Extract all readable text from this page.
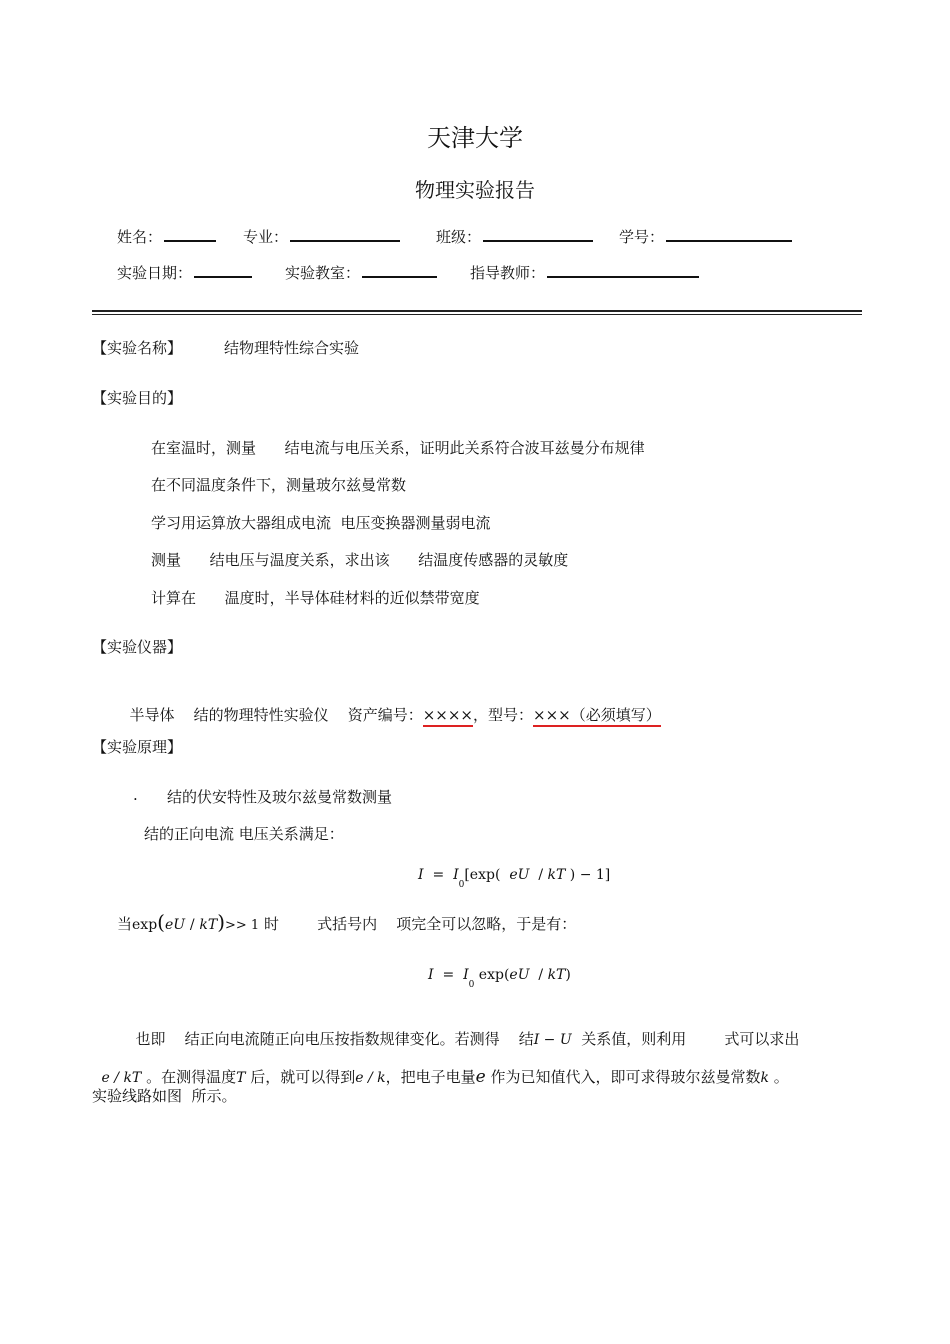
天津大学
物理实验报告
姓名：	专业：	班级：	学号：
实验日期：	实验教室：	指导教师：
【实验名称】	结物理特性综合实验
【实验目的】
在室温时，测量      结电流与电压关系，证明此关系符合波耳兹曼分布规律
在不同温度条件下，测量玻尔兹曼常数
学习用运算放大器组成电流  电压变换器测量弱电流
测量      结电压与温度关系，求出该      结温度传感器的灵敏度
计算在      温度时，半导体硅材料的近似禁带宽度
【实验仪器】

半导体    结的物理特性实验仪    资产编号：××××，型号：×××（必须填写）

【实验原理】
. 结的伏安特性及玻尔兹曼常数测量
结的正向电流 电压关系满足：
$I = I_0[\exp$( eU / kT ) − 1]
当exp(eU / kT)>> 1 时        式括号内    项完全可以忽略，于是有：
$I = I_0$ exp(eU / kT)

也即    结正向电流随正向电压按指数规律变化。若测得    结I − U 关系值，则利用        式可以求出

e / kT 。在测得温度T 后，就可以得到e / k，把电子电量e 作为已知值代入，即可求得玻尔兹曼常数k 。

实验线路如图  所示。
